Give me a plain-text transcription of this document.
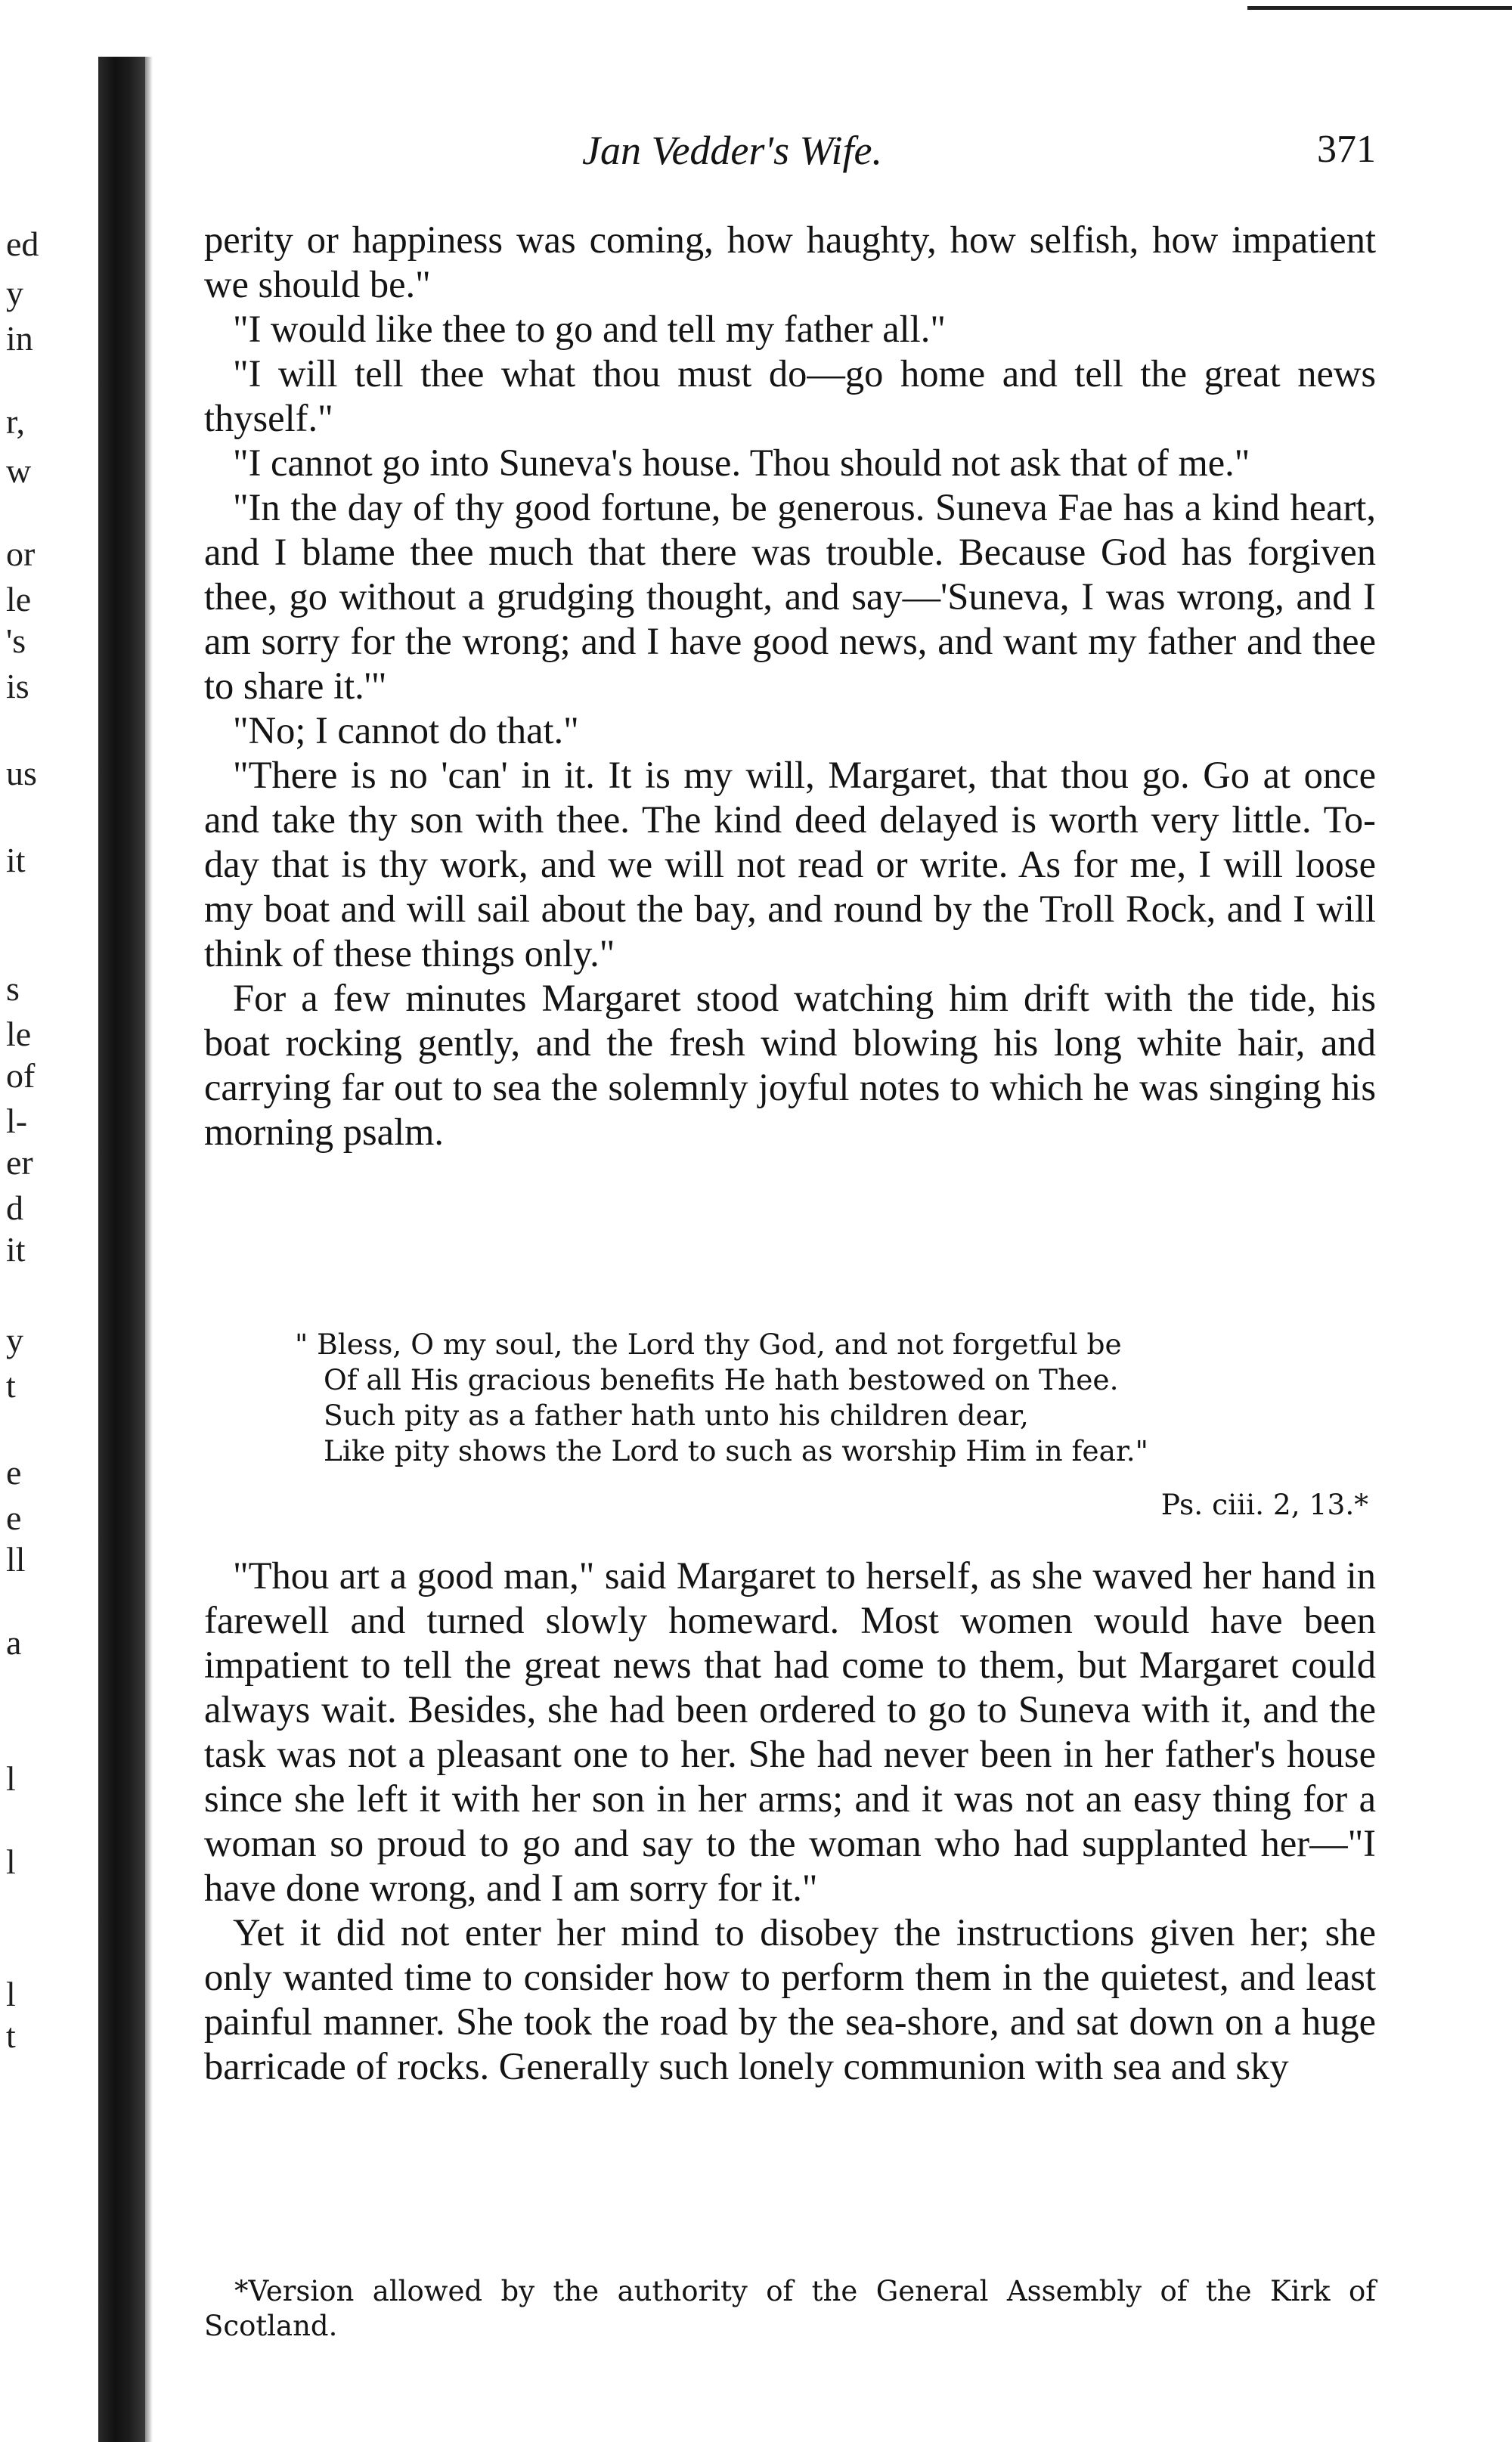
ed
y
in
r,
w
or
le
's
is
us
it
s
le
of
l-
er
d
it
y
t
e
e
ll
a
l
l
l
t
Jan Vedder's Wife.	371

perity or happiness was coming, how haughty, how selfish, how impatient we should be."

"I would like thee to go and tell my father all."

"I will tell thee what thou must do—go home and tell the great news thyself."

"I cannot go into Suneva's house. Thou should not ask that of me."

"In the day of thy good fortune, be generous. Suneva Fae has a kind heart, and I blame thee much that there was trouble. Because God has forgiven thee, go without a grudging thought, and say—'Suneva, I was wrong, and I am sorry for the wrong; and I have good news, and want my father and thee to share it.'"

"No; I cannot do that."

"There is no 'can' in it. It is my will, Margaret, that thou go. Go at once and take thy son with thee. The kind deed delayed is worth very little. To-day that is thy work, and we will not read or write. As for me, I will loose my boat and will sail about the bay, and round by the Troll Rock, and I will think of these things only."

For a few minutes Margaret stood watching him drift with the tide, his boat rocking gently, and the fresh wind blowing his long white hair, and carrying far out to sea the solemnly joyful notes to which he was singing his morning psalm.

" Bless, O my soul, the Lord thy God, and not forgetful be
Of all His gracious benefits He hath bestowed on Thee.
Such pity as a father hath unto his children dear,
Like pity shows the Lord to such as worship Him in fear."
Ps. ciii. 2, 13.*

"Thou art a good man," said Margaret to herself, as she waved her hand in farewell and turned slowly homeward. Most women would have been impatient to tell the great news that had come to them, but Margaret could always wait. Besides, she had been ordered to go to Suneva with it, and the task was not a pleasant one to her. She had never been in her father's house since she left it with her son in her arms; and it was not an easy thing for a woman so proud to go and say to the woman who had supplanted her—"I have done wrong, and I am sorry for it."

Yet it did not enter her mind to disobey the instructions given her; she only wanted time to consider how to perform them in the quietest, and least painful manner. She took the road by the sea-shore, and sat down on a huge barricade of rocks. Generally such lonely communion with sea and sky

*Version allowed by the authority of the General Assembly of the Kirk of Scotland.
